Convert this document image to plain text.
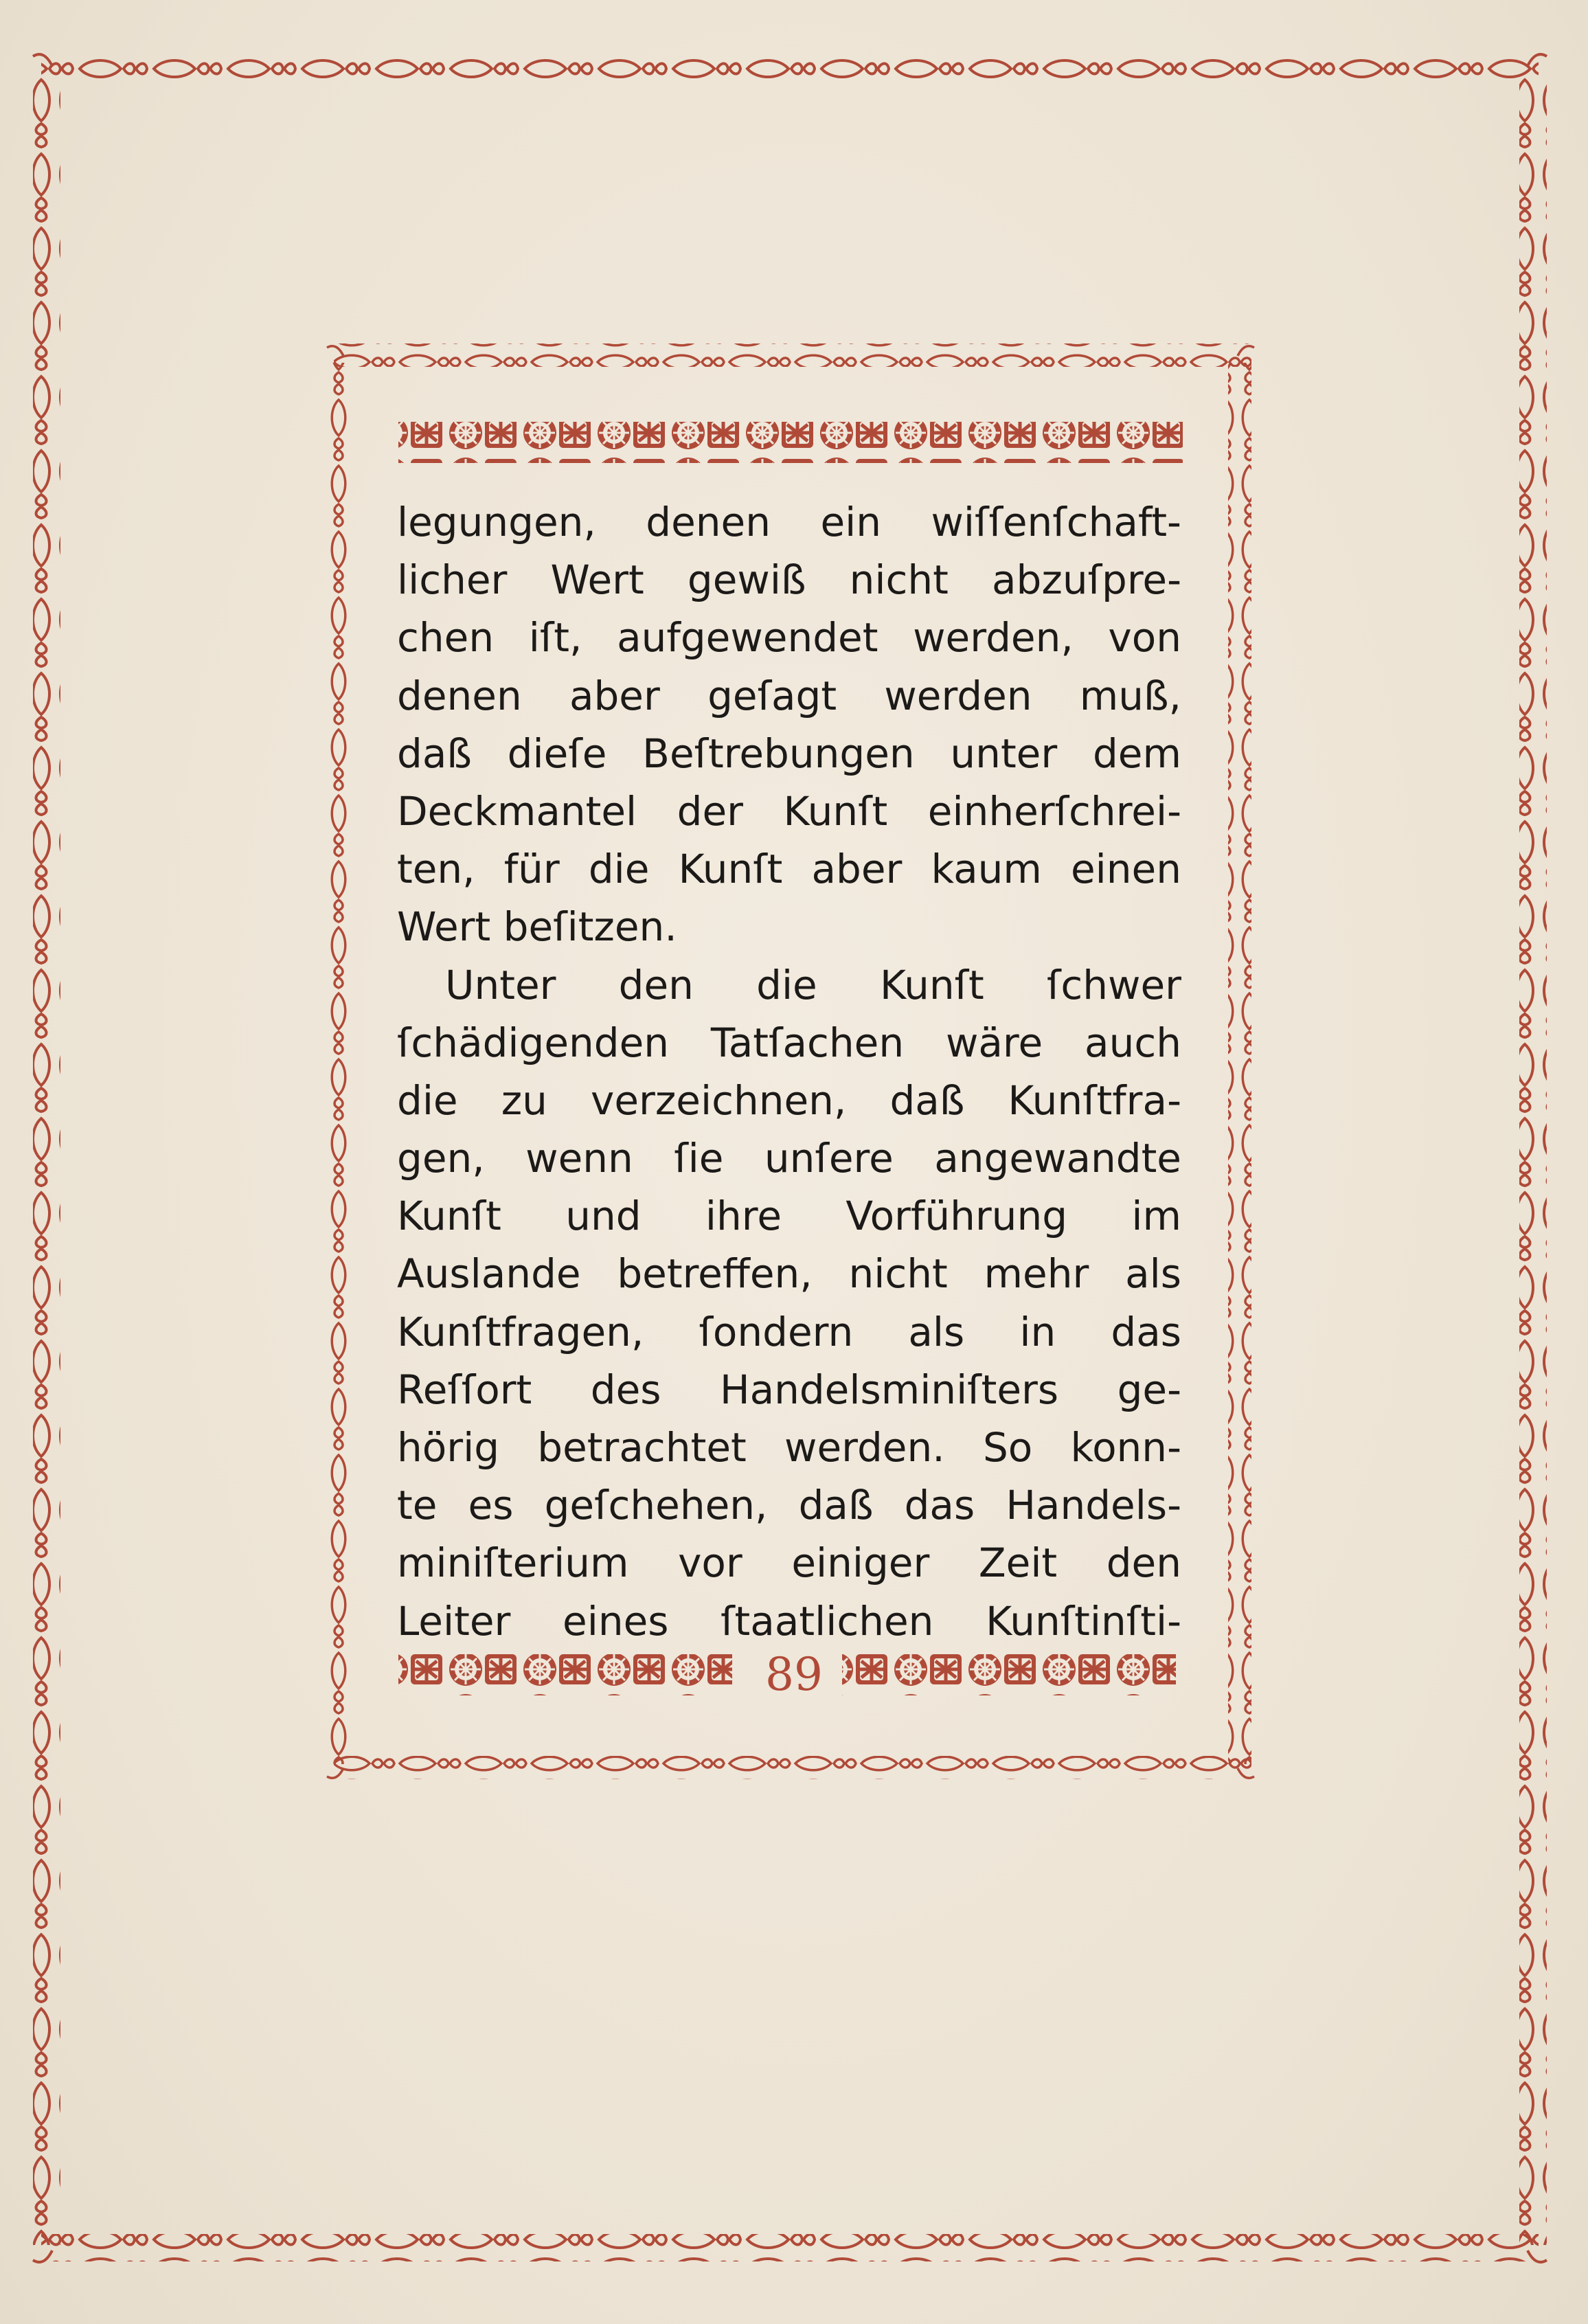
legungen, denen ein wiſſenſchaft-
licher Wert gewiß nicht abzuſpre-
chen iſt, aufgewendet werden, von
denen aber geſagt werden muß,
daß dieſe Beſtrebungen unter dem
Deckmantel der Kunſt einherſchrei-
ten, für die Kunſt aber kaum einen
Wert beſitzen.
Unter den die Kunſt ſchwer
ſchädigenden Tatſachen wäre auch
die zu verzeichnen, daß Kunſtfra-
gen, wenn ſie unſere angewandte
Kunſt und ihre Vorführung im
Auslande betreffen, nicht mehr als
Kunſtfragen, ſondern als in das
Reſſort des Handelsminiſters ge-
hörig betrachtet werden. So konn-
te es geſchehen, daß das Handels-
miniſterium vor einiger Zeit den
Leiter eines ſtaatlichen Kunſtinſti-
89
